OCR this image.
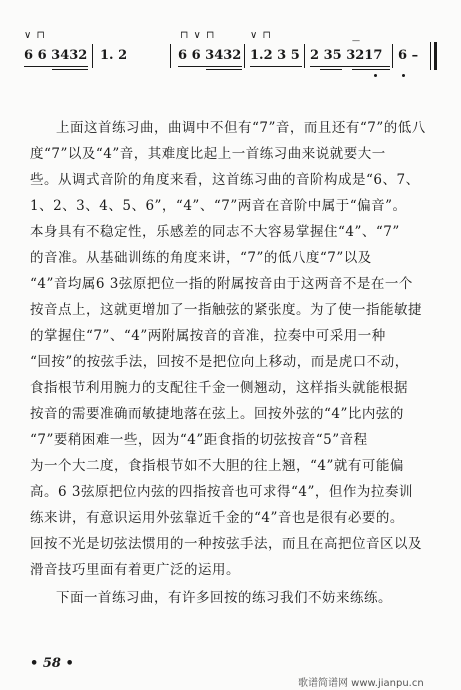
∨ ⊓	⊓ ∨ ⊓	∨ ⊓
6 6 3432 1. 2	6 6 3432 1.2 3 5 2 35 3217 6 –
—
上面这首练习曲，曲调中不但有“7”音，而且还有“7”的低八
度“7”以及“4”音，其难度比起上一首练习曲来说就要大一
些。从调式音阶的角度来看，这首练习曲的音阶构成是“6、7、
1、2、3、4、5、6”，“4”、“7”两音在音阶中属于“偏音”。
本身具有不稳定性，乐感差的同志不大容易掌握住“4”、“7”
的音准。从基础训练的角度来讲，“7”的低八度“7”以及
“4”音均属6 3弦原把位一指的附属按音由于这两音不是在一个
按音点上，这就更增加了一指触弦的紧张度。为了使一指能敏捷
的掌握住“7”、“4”两附属按音的音准，拉奏中可采用一种
“回按”的按弦手法，回按不是把位向上移动，而是虎口不动，
食指根节利用腕力的支配往千金一侧翘动，这样指头就能根据
按音的需要准确而敏捷地落在弦上。回按外弦的“4”比内弦的
“7”要稍困难一些，因为“4”距食指的切弦按音“5”音程
为一个大二度，食指根节如不大胆的往上翘，“4”就有可能偏
高。6 3弦原把位内弦的四指按音也可求得“4”，但作为拉奏训
练来讲，有意识运用外弦靠近千金的“4”音也是很有必要的。
回按不光是切弦法惯用的一种按弦手法，而且在高把位音区以及
滑音技巧里面有着更广泛的运用。
下面一首练习曲，有许多回按的练习我们不妨来练练。
• 58 •
歌谱简谱网 www.jianpu.cn
